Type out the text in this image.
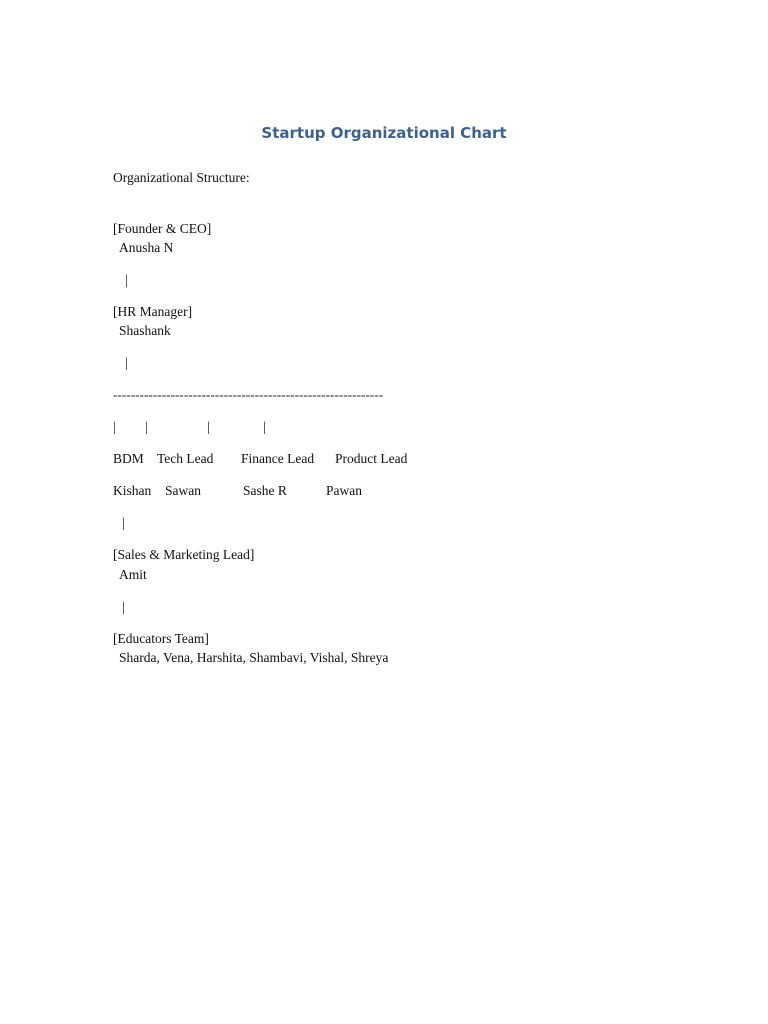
Startup Organizational Chart

Organizational Structure:

[Founder & CEO]

Anusha N

|

[HR Manager]

Shashank

|

-------------------------------------------------------------

| |	|	|

BDM Tech Lead Finance Lead Product Lead

Kishan Sawan	Sashe R	Pawan

|

[Sales & Marketing Lead]

Amit

|

[Educators Team]

Sharda, Vena, Harshita, Shambavi, Vishal, Shreya
